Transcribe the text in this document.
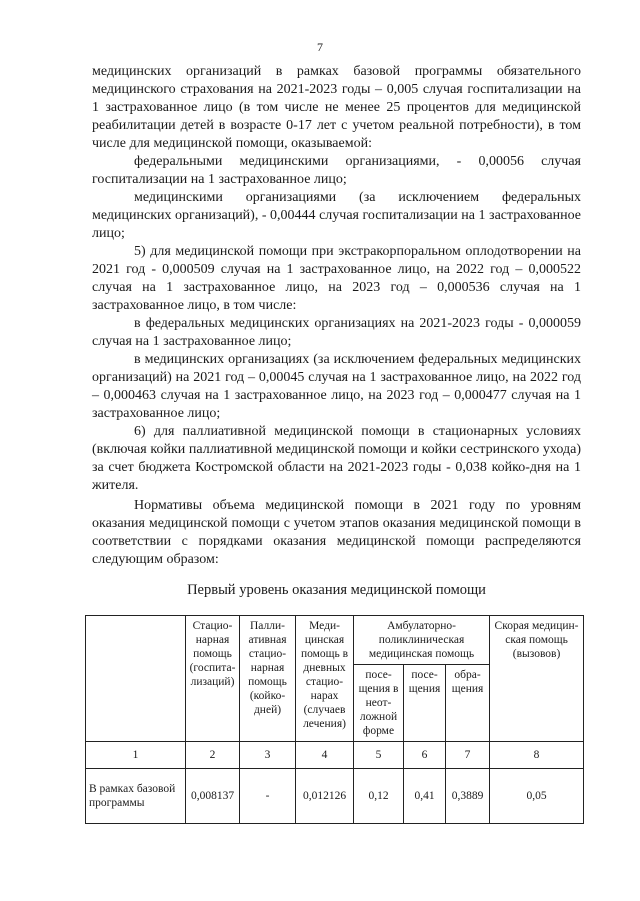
7

медицинских организаций в рамках базовой программы обязательного медицинского страхования на 2021-2023 годы – 0,005 случая госпитализации на 1 застрахованное лицо (в том числе не менее 25 процентов для медицинской реабилитации детей в возрасте 0-17 лет с учетом реальной потребности), в том числе для медицинской помощи, оказываемой:

федеральными медицинскими организациями, - 0,00056 случая госпитализации на 1 застрахованное лицо;

медицинскими организациями (за исключением федеральных медицинских организаций), - 0,00444 случая госпитализации на 1 застрахованное лицо;

5) для медицинской помощи при экстракорпоральном оплодотворении на 2021 год - 0,000509 случая на 1 застрахованное лицо, на 2022 год – 0,000522 случая на 1 застрахованное лицо, на 2023 год – 0,000536 случая на 1 застрахованное лицо, в том числе:

в федеральных медицинских организациях на 2021-2023 годы - 0,000059 случая на 1 застрахованное лицо;

в медицинских организациях (за исключением федеральных медицинских организаций) на 2021 год – 0,00045 случая на 1 застрахованное лицо, на 2022 год – 0,000463 случая на 1 застрахованное лицо, на 2023 год – 0,000477 случая на 1 застрахованное лицо;

6) для паллиативной медицинской помощи в стационарных условиях (включая койки паллиативной медицинской помощи и койки сестринского ухода) за счет бюджета Костромской области на 2021-2023 годы - 0,038 койко-дня на 1 жителя.

Нормативы объема медицинской помощи в 2021 году по уровням оказания медицинской помощи с учетом этапов оказания медицинской помощи в соответствии с порядками оказания медицинской помощи распределяются следующим образом:

Первый уровень оказания медицинской помощи
	Стацио-нарная помощь (госпита-лизаций)	Палли-ативная стацио-нарная помощь (койко-дней)	Меди-цинская помощь в дневных стацио-нарах (случаев лечения)	Амбулаторно-поликлиническая медицинская помощь			Скорая медицин-ская помощь (вызовов)
				посе-щения в неот-ложной форме	посе-щения	обра-щения	
1	2	3	4	5	6	7	8
В рамках базовой программы	0,008137	-	0,012126	0,12	0,41	0,3889	0,05
